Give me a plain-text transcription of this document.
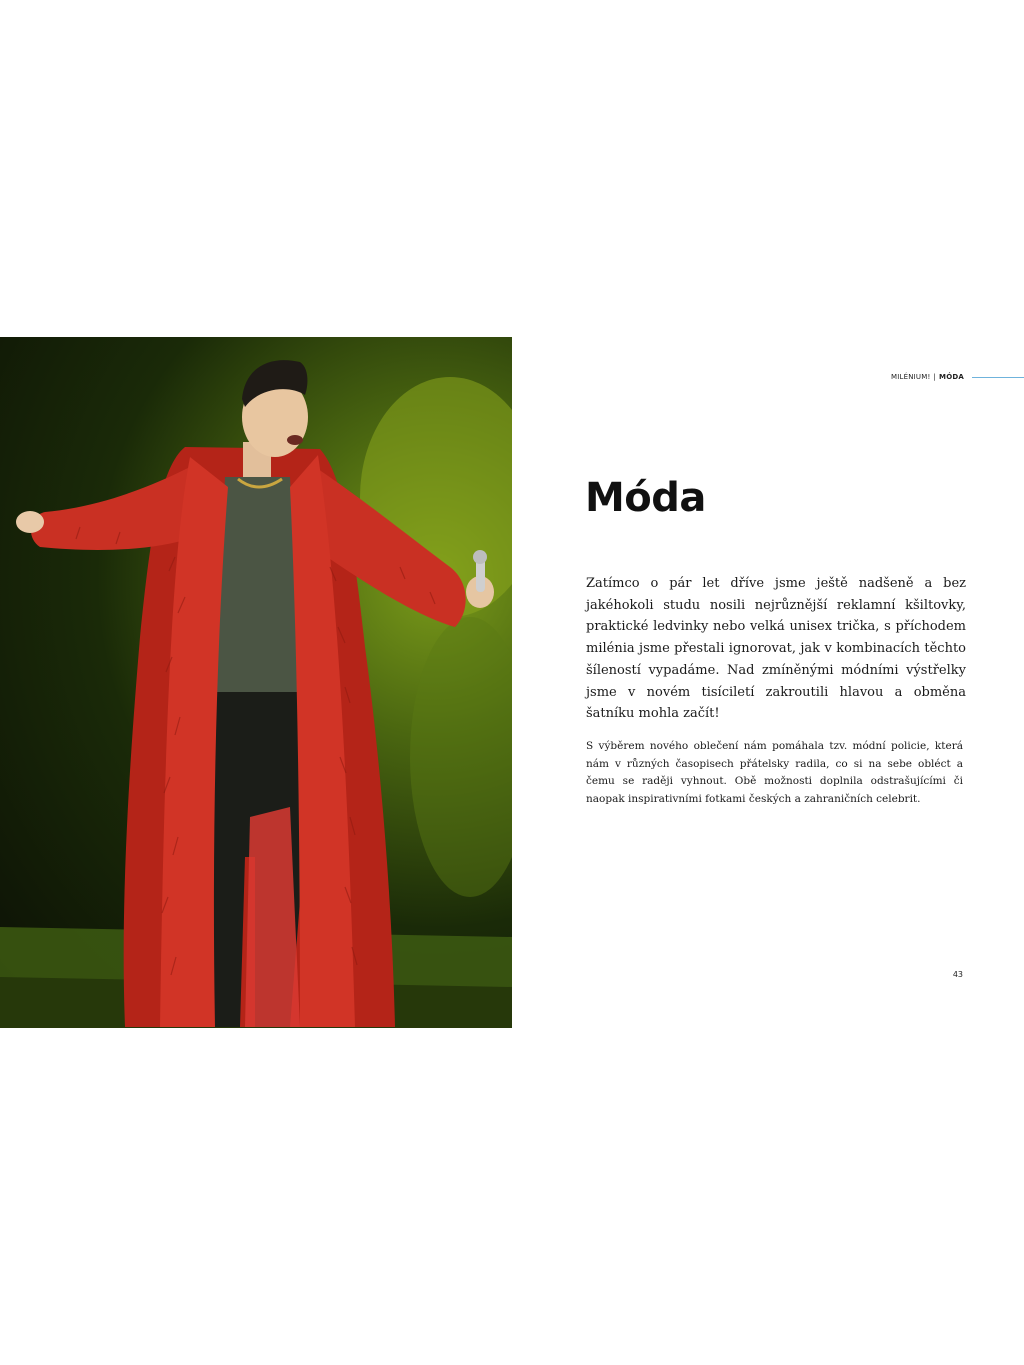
MILÉNIUM! | MÓDA
Móda

Zatímco o pár let dříve jsme ještě nadšeně a bez jakéhokoli studu nosili nejrůznější reklamní kšiltovky, praktické ledvinky nebo velká unisex trička, s příchodem milénia jsme přestali ignorovat, jak v kombinacích těchto šíleností vypadáme. Nad zmíněnými módními výstřelky jsme v novém tisíciletí zakroutili hlavou a obměna šatníku mohla začít!

S výběrem nového oblečení nám pomáhala tzv. módní policie, která nám v různých časopisech přátelsky radila, co si na sebe obléct a čemu se raději vyhnout. Obě možnosti doplnila odstrašujícími či naopak inspirativními fotkami českých a zahraničních celebrit.

43
